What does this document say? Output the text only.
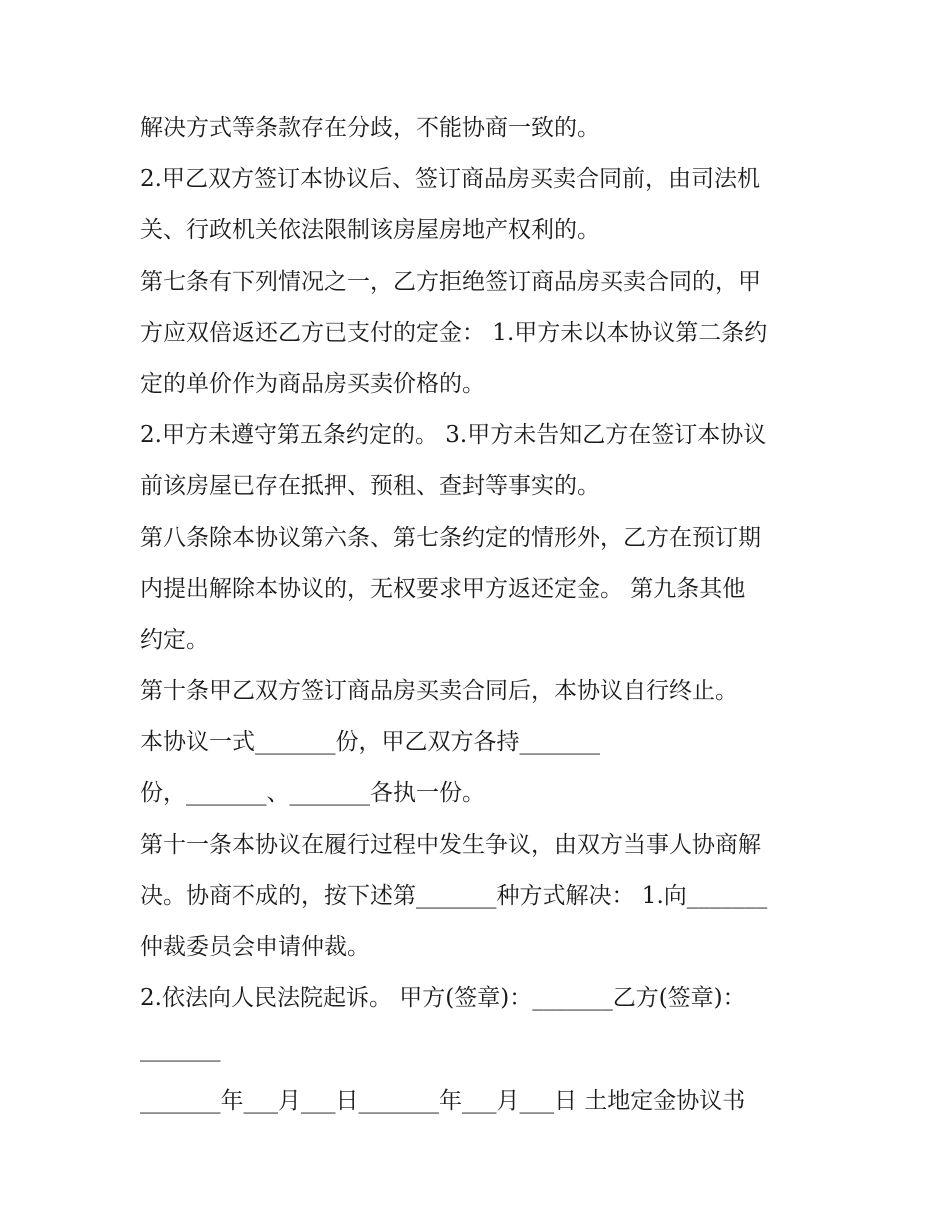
解决方式等条款存在分歧，不能协商一致的。
2.甲乙双方签订本协议后、签订商品房买卖合同前，由司法机
关、行政机关依法限制该房屋房地产权利的。
第七条有下列情况之一，乙方拒绝签订商品房买卖合同的，甲
方应双倍返还乙方已支付的定金： 1.甲方未以本协议第二条约
定的单价作为商品房买卖价格的。
2.甲方未遵守第五条约定的。 3.甲方未告知乙方在签订本协议
前该房屋已存在抵押、预租、查封等事实的。
第八条除本协议第六条、第七条约定的情形外，乙方在预订期
内提出解除本协议的，无权要求甲方返还定金。 第九条其他
约定。
第十条甲乙双方签订商品房买卖合同后，本协议自行终止。
本协议一式_______份，甲乙双方各持_______
份，_______、_______各执一份。
第十一条本协议在履行过程中发生争议，由双方当事人协商解
决。协商不成的，按下述第_______种方式解决： 1.向_______
仲裁委员会申请仲裁。
2.依法向人民法院起诉。 甲方(签章)：_______乙方(签章)：
_______
_______年___月___日_______年___月___日 土地定金协议书
